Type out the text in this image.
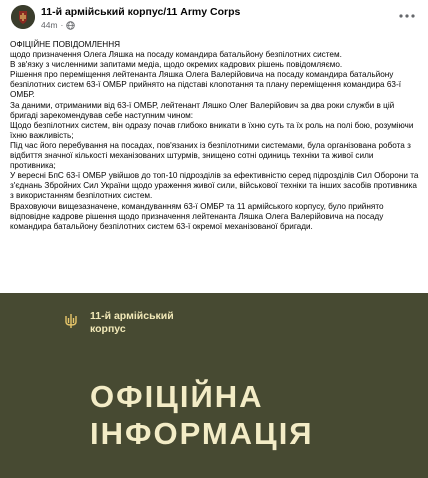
11-й армійський корпус/11 Army Corps
44m ·

ОФІЦІЙНЕ ПОВІДОМЛЕННЯ

щодо призначення Олега Ляшка на посаду командира батальйону безпілотних систем.

В зв'язку з численними запитами медіа, щодо окремих кадрових рішень повідомляємо.

Рішення про переміщення лейтенанта Ляшка Олега Валерійовича на посаду командира батальйону безпілотних систем 63-ї ОМБР прийнято на підставі клопотання та плану переміщення командира 63-ї ОМБР.

За даними, отриманими від 63-ї ОМБР, лейтенант Ляшко Олег Валерійович за два роки служби в цій бригаді зарекомендував себе наступним чином:

Щодо безпілотних систем, він одразу почав глибоко вникати в їхню суть та їх роль на полі бою, розуміючи їхню важливість;

Під час його перебування на посадах, пов'язаних із безпілотними системами, була організована робота з відбиття значної кількості механізованих штурмів, знищено сотні одиниць техніки та живої сили противника;

У вересні БпС 63-ї ОМБР увійшов до топ-10 підрозділів за ефективністю серед підрозділів Сил Оборони та з'єднань Збройних Сил України щодо ураження живої сили, військової техніки та інших засобів противника з використанням безпілотних систем.

Враховуючи вищезазначене, командуванням 63-ї ОМБР та 11 армійського корпусу, було прийнято відповідне кадрове рішення щодо призначення лейтенанта Ляшка Олега Валерійовича на посаду командира батальйону безпілотних систем 63-ї окремої механізованої бригади.

11-й армійський корпус
ОФІЦІЙНА
ІНФОРМАЦІЯ
